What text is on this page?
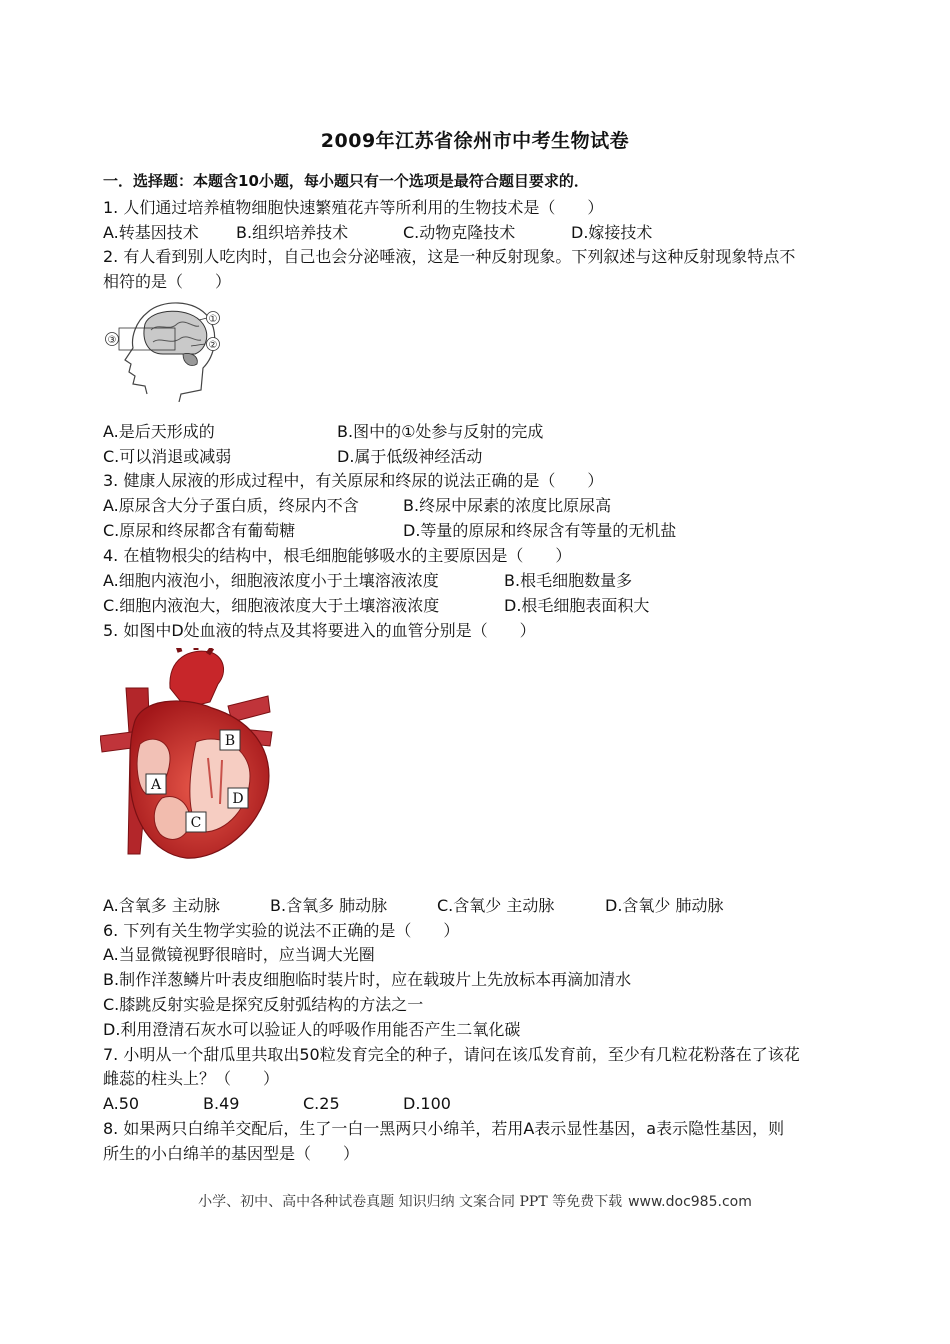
2009年江苏省徐州市中考生物试卷
一．选择题：本题含10小题，每小题只有一个选项是最符合题目要求的．
1. 人们通过培养植物细胞快速繁殖花卉等所利用的生物技术是（　　）
A.转基因技术 B.组织培养技术	C.动物克隆技术	D.嫁接技术
2. 有人看到别人吃肉时，自己也会分泌唾液，这是一种反射现象。下列叙述与这种反射现象特点不
相符的是（　　）
①
②
③
A.是后天形成的	B.图中的①处参与反射的完成
C.可以消退或减弱	D.属于低级神经活动
3. 健康人尿液的形成过程中，有关原尿和终尿的说法正确的是（　　）
A.原尿含大分子蛋白质，终尿内不含	B.终尿中尿素的浓度比原尿高
C.原尿和终尿都含有葡萄糖	D.等量的原尿和终尿含有等量的无机盐
4. 在植物根尖的结构中，根毛细胞能够吸水的主要原因是（　　）
A.细胞内液泡小，细胞液浓度小于土壤溶液浓度	B.根毛细胞数量多
C.细胞内液泡大，细胞液浓度大于土壤溶液浓度	D.根毛细胞表面积大
5. 如图中D处血液的特点及其将要进入的血管分别是（　　）
A
B
C
D
A.含氧多 主动脉	B.含氧多 肺动脉	C.含氧少 主动脉	D.含氧少 肺动脉
6. 下列有关生物学实验的说法不正确的是（　　）
A.当显微镜视野很暗时，应当调大光圈
B.制作洋葱鳞片叶表皮细胞临时装片时，应在载玻片上先放标本再滴加清水
C.膝跳反射实验是探究反射弧结构的方法之一
D.利用澄清石灰水可以验证人的呼吸作用能否产生二氧化碳
7. 小明从一个甜瓜里共取出50粒发育完全的种子，请问在该瓜发育前，至少有几粒花粉落在了该花
雌蕊的柱头上？（　　）
A.50	B.49	C.25	D.100
8. 如果两只白绵羊交配后，生了一白一黑两只小绵羊，若用A表示显性基因，a表示隐性基因，则
所生的小白绵羊的基因型是（　　）
小学、初中、高中各种试卷真题 知识归纳 文案合同 PPT 等免费下载 www.doc985.com
